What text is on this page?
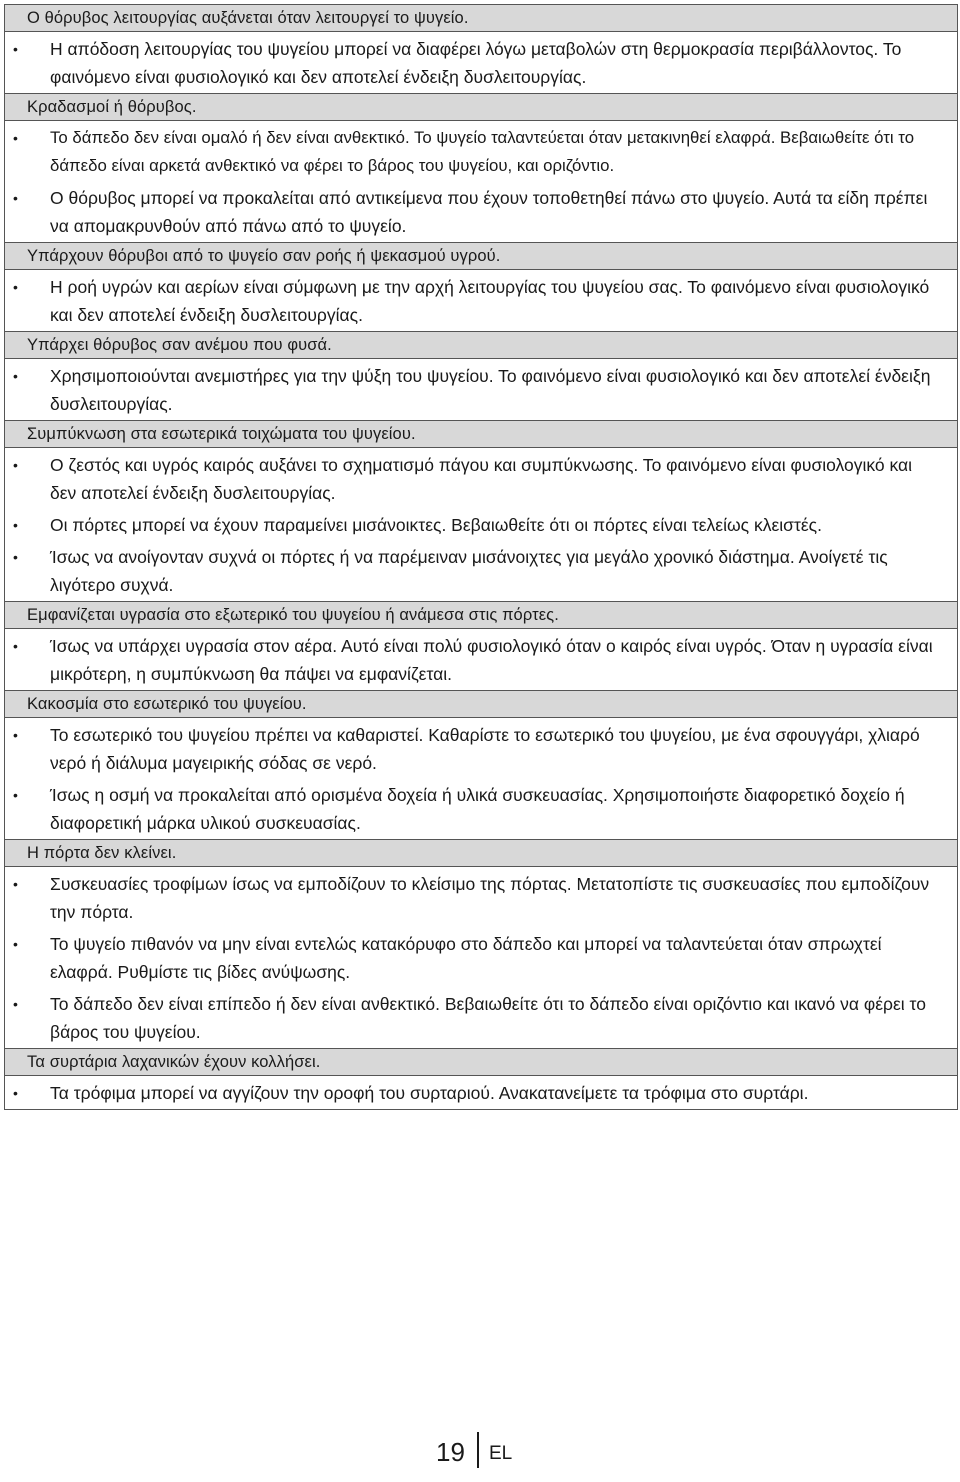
Ο θόρυβος λειτουργίας αυξάνεται όταν λειτουργεί το ψυγείο.
• Η απόδοση λειτουργίας του ψυγείου μπορεί να διαφέρει λόγω μεταβολών στη θερμοκρασία περιβάλλοντος. Το φαινόμενο είναι φυσιολογικό και δεν αποτελεί ένδειξη δυσλειτουργίας.
Κραδασμοί ή θόρυβος.
• Το δάπεδο δεν είναι ομαλό ή δεν είναι ανθεκτικό. Το ψυγείο ταλαντεύεται όταν μετακινηθεί ελαφρά. Βεβαιωθείτε ότι το δάπεδο είναι αρκετά ανθεκτικό να φέρει το βάρος του ψυγείου, και οριζόντιο.
• Ο θόρυβος μπορεί να προκαλείται από αντικείμενα που έχουν τοποθετηθεί πάνω στο ψυγείο. Αυτά τα είδη πρέπει να απομακρυνθούν από πάνω από το ψυγείο.
Υπάρχουν θόρυβοι από το ψυγείο σαν ροής ή ψεκασμού υγρού.
• Η ροή υγρών και αερίων είναι σύμφωνη με την αρχή λειτουργίας του ψυγείου σας. Το φαινόμενο είναι φυσιολογικό και δεν αποτελεί ένδειξη δυσλειτουργίας.
Υπάρχει θόρυβος σαν ανέμου που φυσά.
• Χρησιμοποιούνται ανεμιστήρες για την ψύξη του ψυγείου. Το φαινόμενο είναι φυσιολογικό και δεν αποτελεί ένδειξη δυσλειτουργίας.
Συμπύκνωση στα εσωτερικά τοιχώματα του ψυγείου.
• Ο ζεστός και υγρός καιρός αυξάνει το σχηματισμό πάγου και συμπύκνωσης. Το φαινόμενο είναι φυσιολογικό και δεν αποτελεί ένδειξη δυσλειτουργίας.
• Οι πόρτες μπορεί να έχουν παραμείνει μισάνοικτες. Βεβαιωθείτε ότι οι πόρτες είναι τελείως κλειστές.
• Ίσως να ανοίγονταν συχνά οι πόρτες ή να παρέμειναν μισάνοιχτες για μεγάλο χρονικό διάστημα. Ανοίγετέ τις λιγότερο συχνά.
Εμφανίζεται υγρασία στο εξωτερικό του ψυγείου ή ανάμεσα στις πόρτες.
• Ίσως να υπάρχει υγρασία στον αέρα. Αυτό είναι πολύ φυσιολογικό όταν ο καιρός είναι υγρός. Όταν η υγρασία είναι μικρότερη, η συμπύκνωση θα πάψει να εμφανίζεται.
Κακοσμία στο εσωτερικό του ψυγείου.
• Το εσωτερικό του ψυγείου πρέπει να καθαριστεί. Καθαρίστε το εσωτερικό του ψυγείου, με ένα σφουγγάρι, χλιαρό νερό ή διάλυμα μαγειρικής σόδας σε νερό.
• Ίσως η οσμή να προκαλείται από ορισμένα δοχεία ή υλικά συσκευασίας. Χρησιμοποιήστε διαφορετικό δοχείο ή διαφορετική μάρκα υλικού συσκευασίας.
Η πόρτα δεν κλείνει.
• Συσκευασίες τροφίμων ίσως να εμποδίζουν το κλείσιμο της πόρτας. Μετατοπίστε τις συσκευασίες που εμποδίζουν την πόρτα.
• Το ψυγείο πιθανόν να μην είναι εντελώς κατακόρυφο στο δάπεδο και μπορεί να ταλαντεύεται όταν σπρωχτεί ελαφρά. Ρυθμίστε τις βίδες ανύψωσης.
• Το δάπεδο δεν είναι επίπεδο ή δεν είναι ανθεκτικό. Βεβαιωθείτε ότι το δάπεδο είναι οριζόντιο και ικανό να φέρει το βάρος του ψυγείου.
Τα συρτάρια λαχανικών έχουν κολλήσει.
• Τα τρόφιμα μπορεί να αγγίζουν την οροφή του συρταριού. Ανακατανείμετε τα τρόφιμα στο συρτάρι.
19 EL
